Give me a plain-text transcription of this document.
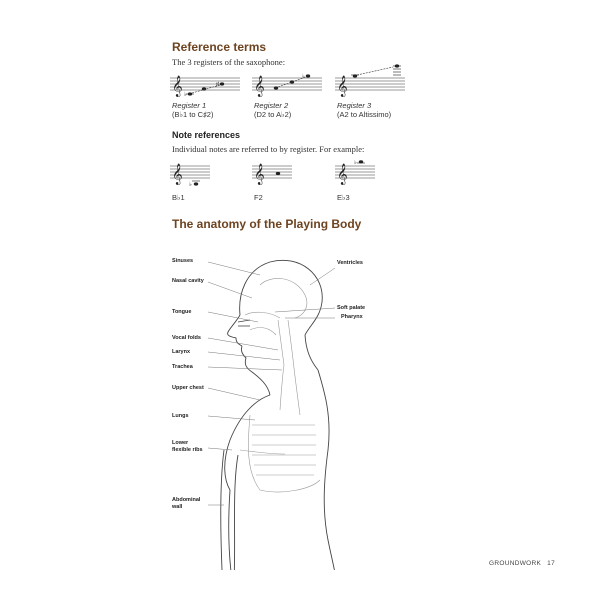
Reference terms
The 3 registers of the saxophone:
𝄞 ♭
♯
Register 1
(B♭1 to C♯2)
𝄞	♭
Register 2
(D2 to A♭2)
𝄞
Register 3
(A2 to Altissimo)
Note references
Individual notes are referred to by register. For example:
𝄞 ♭
B♭1
𝄞
F2
𝄞
♭
E♭3
The anatomy of the Playing Body
Sinuses
Nasal cavity
Tongue
Vocal folds
Larynx
Trachea
Upper chest
Lungs
Lower
flexible ribs
Abdominal
wall
Ventricles
Soft palate
Pharynx
GROUNDWORK 17
